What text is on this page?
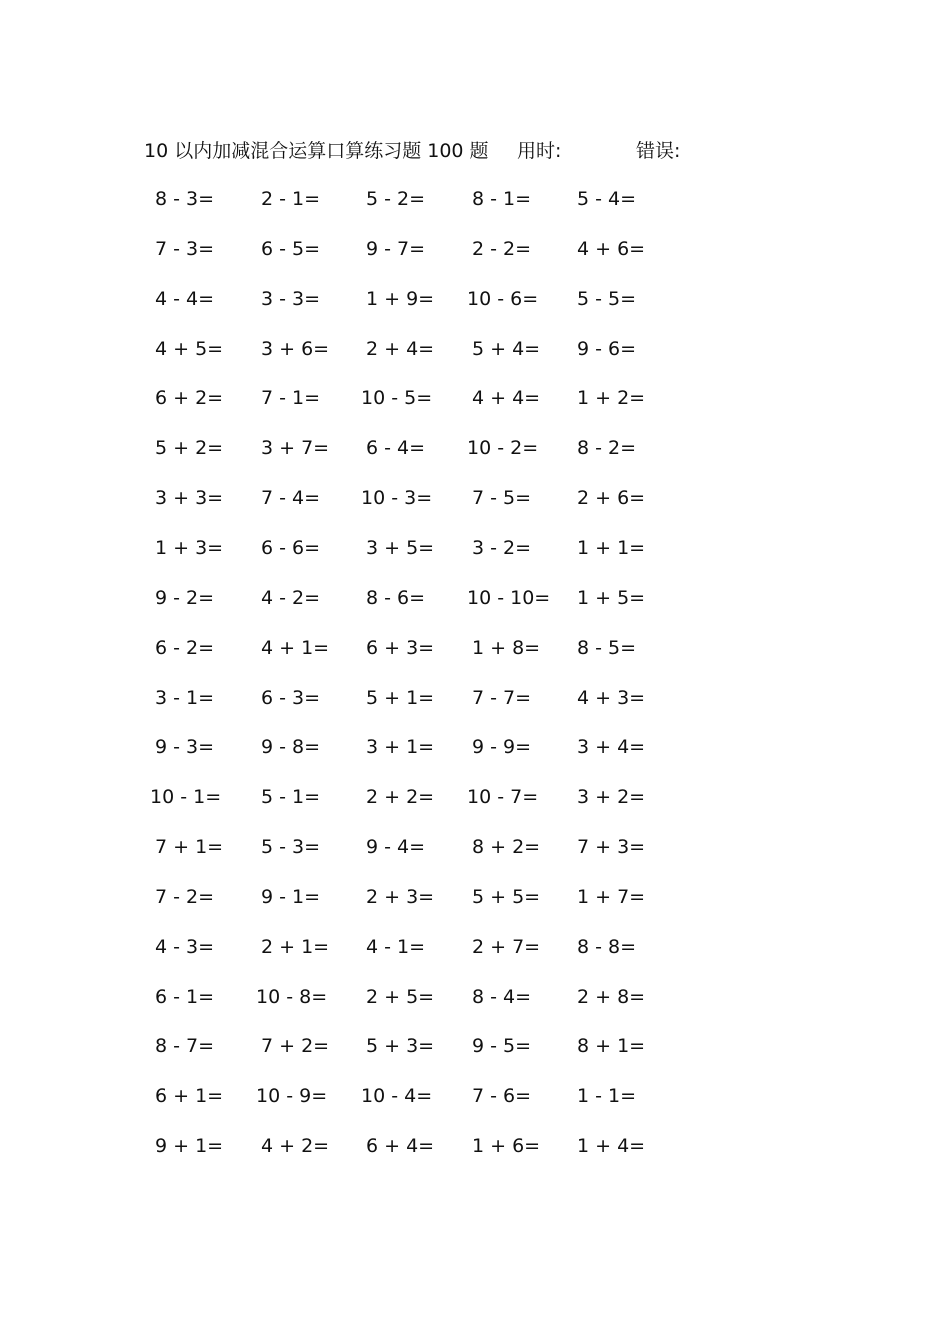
10 以内加减混合运算口算练习题 100 题 用时:	错误:
8 - 3= 2 - 1= 5 - 2= 8 - 1= 5 - 4=
7 - 3= 6 - 5= 9 - 7= 2 - 2= 4 + 6=
4 - 4= 3 - 3= 1 + 9= 10 - 6= 5 - 5=
4 + 5= 3 + 6= 2 + 4= 5 + 4= 9 - 6=
6 + 2= 7 - 1= 10 - 5= 4 + 4= 1 + 2=
5 + 2= 3 + 7= 6 - 4= 10 - 2= 8 - 2=
3 + 3= 7 - 4= 10 - 3= 7 - 5= 2 + 6=
1 + 3= 6 - 6= 3 + 5= 3 - 2= 1 + 1=
9 - 2= 4 - 2= 8 - 6= 10 - 10= 1 + 5=
6 - 2= 4 + 1= 6 + 3= 1 + 8= 8 - 5=
3 - 1= 6 - 3= 5 + 1= 7 - 7= 4 + 3=
9 - 3= 9 - 8= 3 + 1= 9 - 9= 3 + 4=
10 - 1= 5 - 1= 2 + 2= 10 - 7= 3 + 2=
7 + 1= 5 - 3= 9 - 4= 8 + 2= 7 + 3=
7 - 2= 9 - 1= 2 + 3= 5 + 5= 1 + 7=
4 - 3= 2 + 1= 4 - 1= 2 + 7= 8 - 8=
6 - 1= 10 - 8= 2 + 5= 8 - 4= 2 + 8=
8 - 7= 7 + 2= 5 + 3= 9 - 5= 8 + 1=
6 + 1= 10 - 9= 10 - 4= 7 - 6= 1 - 1=
9 + 1= 4 + 2= 6 + 4= 1 + 6= 1 + 4=
